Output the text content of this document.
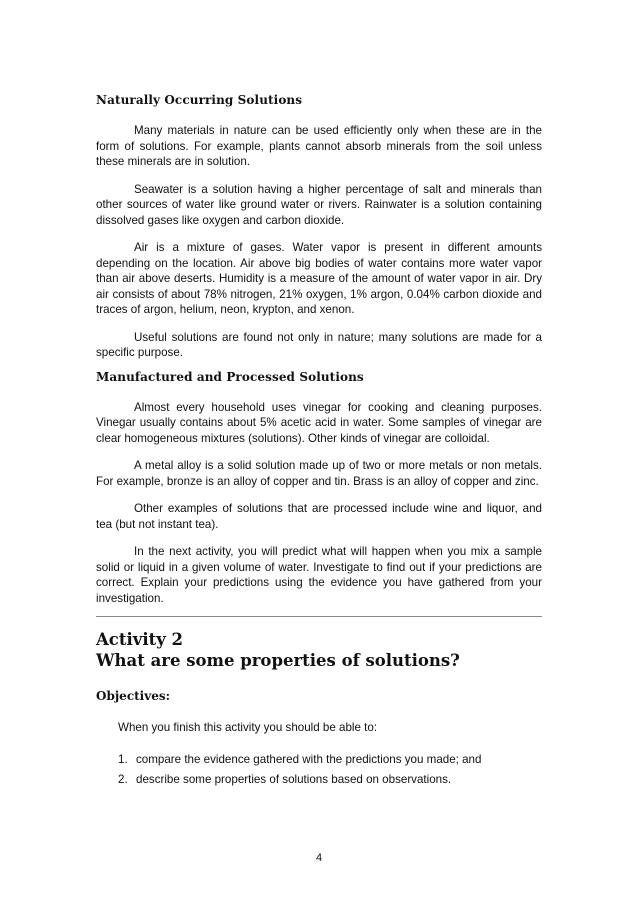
Naturally Occurring Solutions

Many materials in nature can be used efficiently only when these are in the form of solutions. For example, plants cannot absorb minerals from the soil unless these minerals are in solution.

Seawater is a solution having a higher percentage of salt and minerals than other sources of water like ground water or rivers. Rainwater is a solution containing dissolved gases like oxygen and carbon dioxide.

Air is a mixture of gases. Water vapor is present in different amounts depending on the location. Air above big bodies of water contains more water vapor than air above deserts. Humidity is a measure of the amount of water vapor in air. Dry air consists of about 78% nitrogen, 21% oxygen, 1% argon, 0.04% carbon dioxide and traces of argon, helium, neon, krypton, and xenon.

Useful solutions are found not only in nature; many solutions are made for a specific purpose.

Manufactured and Processed Solutions

Almost every household uses vinegar for cooking and cleaning purposes. Vinegar usually contains about 5% acetic acid in water. Some samples of vinegar are clear homogeneous mixtures (solutions). Other kinds of vinegar are colloidal.

A metal alloy is a solid solution made up of two or more metals or non metals. For example, bronze is an alloy of copper and tin. Brass is an alloy of copper and zinc.

Other examples of solutions that are processed include wine and liquor, and tea (but not instant tea).

In the next activity, you will predict what will happen when you mix a sample solid or liquid in a given volume of water. Investigate to find out if your predictions are correct. Explain your predictions using the evidence you have gathered from your investigation.

Activity 2
What are some properties of solutions?
Objectives:

When you finish this activity you should be able to:

1. compare the evidence gathered with the predictions you made; and
2. describe some properties of solutions based on observations.
4
